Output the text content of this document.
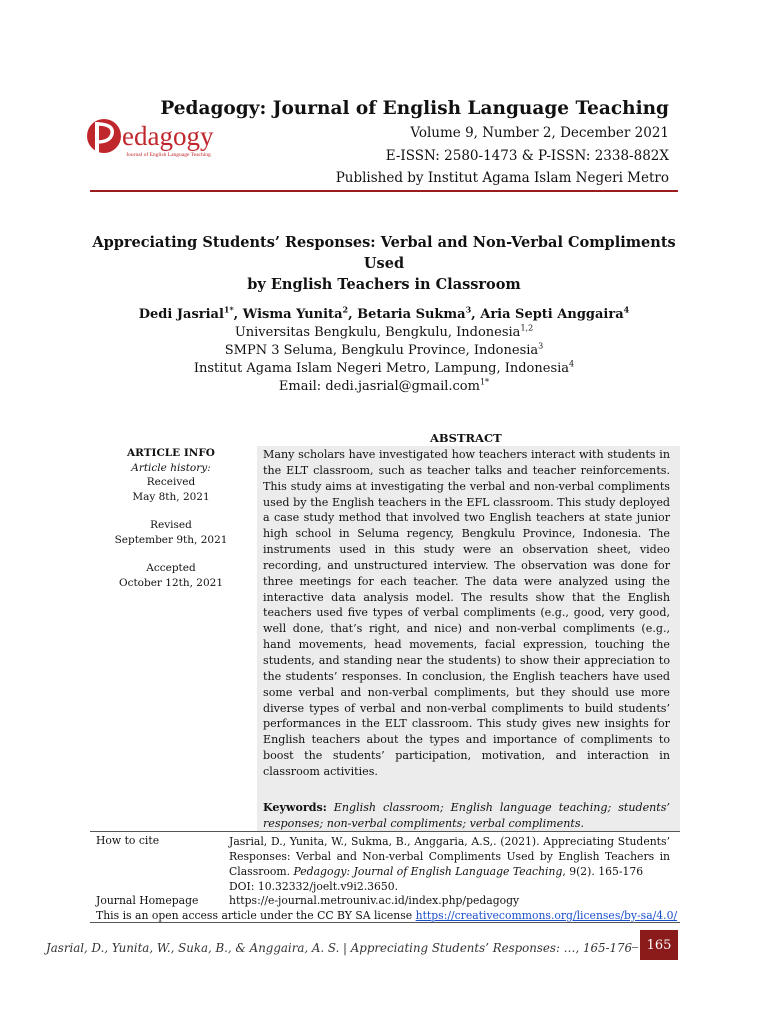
edagogy
Journal of English Language Teaching
Pedagogy: Journal of English Language Teaching
Volume 9, Number 2, December 2021
E-ISSN: 2580-1473 & P-ISSN: 2338-882X
Published by Institut Agama Islam Negeri Metro
Appreciating Students’ Responses: Verbal and Non-Verbal Compliments Used
by English Teachers in Classroom
Dedi Jasrial$^{1*}$, Wisma Yunita$^2$, Betaria Sukma$^3$, Aria Septi Anggaira$^4$
Universitas Bengkulu, Bengkulu, Indonesia$^{1,2}$
SMPN 3 Seluma, Bengkulu Province, Indonesia$^3$
Institut Agama Islam Negeri Metro, Lampung, Indonesia$^4$
Email: dedi.jasrial@gmail.com$^{1*}$
ARTICLE INFO
Article history:
Received
May 8th, 2021
Revised
September 9th, 2021
Accepted
October 12th, 2021
ABSTRACT
Many scholars have investigated how teachers interact with students in the ELT classroom, such as teacher talks and teacher reinforcements. This study aims at investigating the verbal and non-verbal compliments used by the English teachers in the EFL classroom. This study deployed a case study method that involved two English teachers at state junior high school in Seluma regency, Bengkulu Province, Indonesia. The instruments used in this study were an observation sheet, video recording, and unstructured interview. The observation was done for three meetings for each teacher. The data were analyzed using the interactive data analysis model. The results show that the English teachers used five types of verbal compliments (e.g., good, very good, well done, that’s right, and nice) and non-verbal compliments (e.g., hand movements, head movements, facial expression, touching the students, and standing near the students) to show their appreciation to the students’ responses. In conclusion, the English teachers have used some verbal and non-verbal compliments, but they should use more diverse types of verbal and non-verbal compliments to build students’ performances in the ELT classroom. This study gives new insights for English teachers about the types and importance of compliments to boost the students’ participation, motivation, and interaction in classroom activities.
Keywords: English classroom; English language teaching; students’ responses; non-verbal compliments; verbal compliments.
How to cite	Jasrial, D., Yunita, W., Sukma, B., Anggaria, A.S,. (2021). Appreciating Students’ Responses: Verbal and Non-verbal Compliments Used by English Teachers in Classroom. Pedagogy: Journal of English Language Teaching, 9(2). 165-176
DOI: 10.32332/joelt.v9i2.3650.
Journal Homepage	https://e-journal.metrouniv.ac.id/index.php/pedagogy
This is an open access article under the CC BY SA license https://creativecommons.org/licenses/by-sa/4.0/
Jasrial, D., Yunita, W., Suka, B., & Anggaira, A. S. | Appreciating Students’ Responses: …, 165-176	165
